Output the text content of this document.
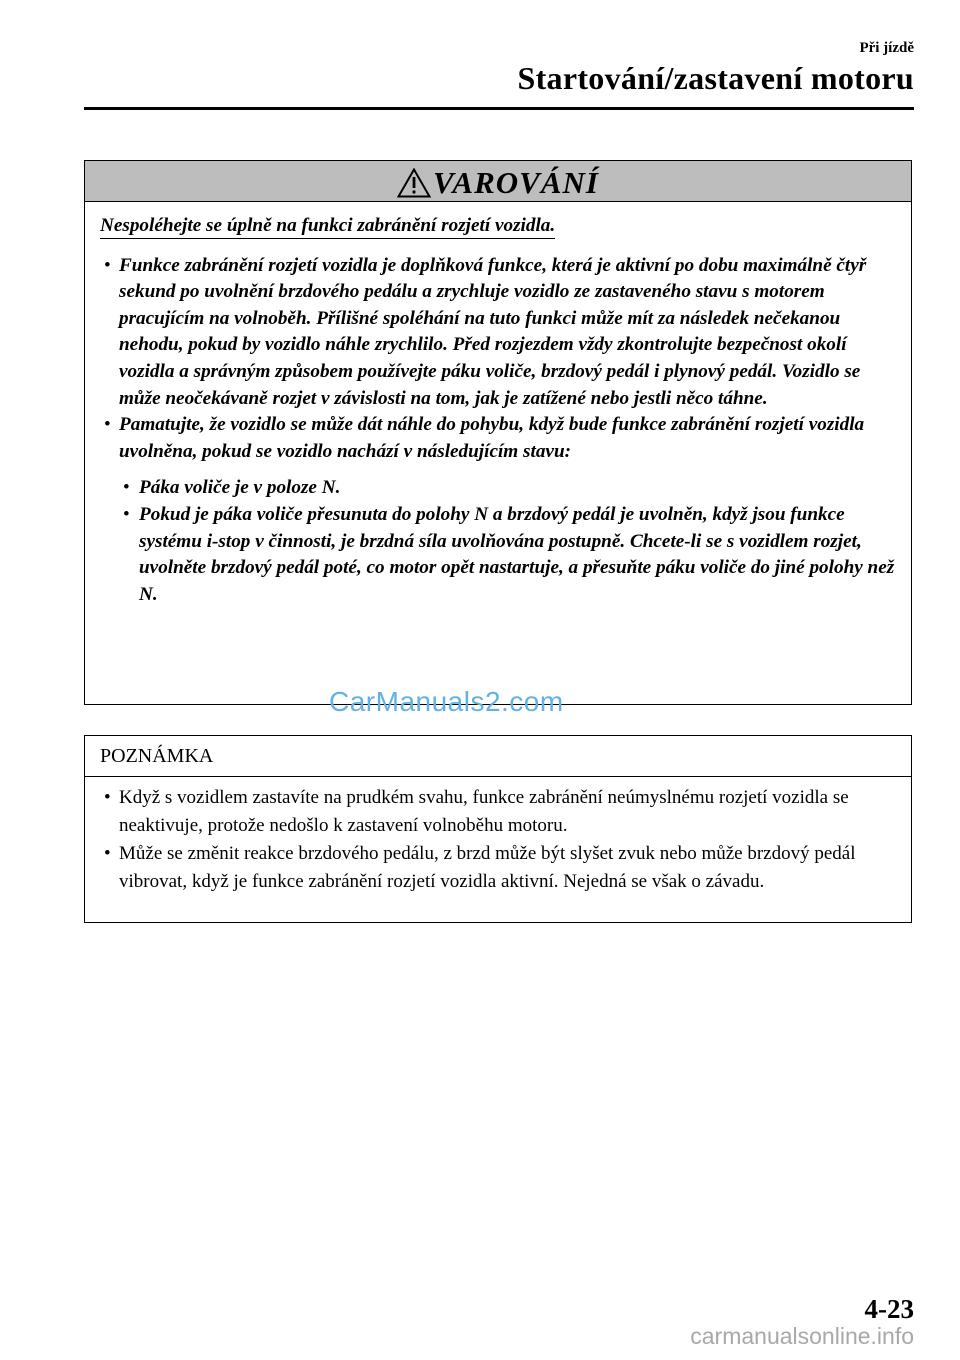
Při jízdě
Startování/zastavení motoru
VAROVÁNÍ
Nespoléhejte se úplně na funkci zabránění rozjetí vozidla.
• Funkce zabránění rozjetí vozidla je doplňková funkce, která je aktivní po dobu maximálně čtyř sekund po uvolnění brzdového pedálu a zrychluje vozidlo ze zastaveného stavu s motorem pracujícím na volnoběh. Přílišné spoléhání na tuto funkci může mít za následek nečekanou nehodu, pokud by vozidlo náhle zrychlilo. Před rozjezdem vždy zkontrolujte bezpečnost okolí vozidla a správným způsobem používejte páku voliče, brzdový pedál i plynový pedál. Vozidlo se může neočekávaně rozjet v závislosti na tom, jak je zatížené nebo jestli něco táhne.
• Pamatujte, že vozidlo se může dát náhle do pohybu, když bude funkce zabránění rozjetí vozidla uvolněna, pokud se vozidlo nachází v následujícím stavu:
• Páka voliče je v poloze N.
• Pokud je páka voliče přesunuta do polohy N a brzdový pedál je uvolněn, když jsou funkce systému i-stop v činnosti, je brzdná síla uvolňována postupně. Chcete-li se s vozidlem rozjet, uvolněte brzdový pedál poté, co motor opět nastartuje, a přesuňte páku voliče do jiné polohy než N.
CarManuals2.com
POZNÁMKA
• Když s vozidlem zastavíte na prudkém svahu, funkce zabránění neúmyslnému rozjetí vozidla se neaktivuje, protože nedošlo k zastavení volnoběhu motoru.
• Může se změnit reakce brzdového pedálu, z brzd může být slyšet zvuk nebo může brzdový pedál vibrovat, když je funkce zabránění rozjetí vozidla aktivní. Nejedná se však o závadu.
4-23
carmanualsonline.info
